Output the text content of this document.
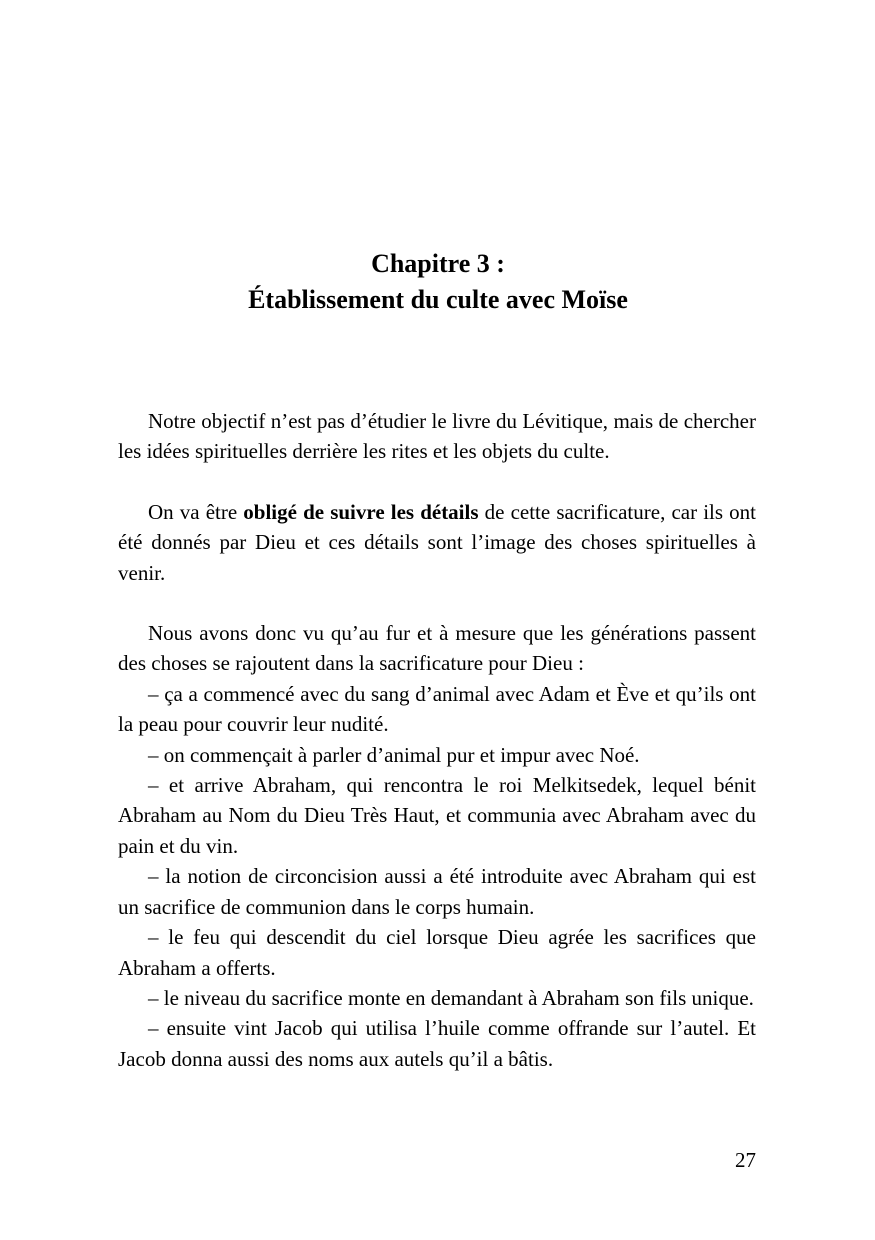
Chapitre 3 :
Établissement du culte avec Moïse

Notre objectif n’est pas d’étudier le livre du Lévitique, mais de chercher les idées spirituelles derrière les rites et les objets du culte.

On va être obligé de suivre les détails de cette sacrificature, car ils ont été donnés par Dieu et ces détails sont l’image des choses spirituelles à venir.

Nous avons donc vu qu’au fur et à mesure que les générations passent des choses se rajoutent dans la sacrificature pour Dieu :

– ça a commencé avec du sang d’animal avec Adam et Ève et qu’ils ont la peau pour couvrir leur nudité.

– on commençait à parler d’animal pur et impur avec Noé.

– et arrive Abraham, qui rencontra le roi Melkitsedek, lequel bénit Abraham au Nom du Dieu Très Haut, et communia avec Abraham avec du pain et du vin.

– la notion de circoncision aussi a été introduite avec Abraham qui est un sacrifice de communion dans le corps humain.

– le feu qui descendit du ciel lorsque Dieu agrée les sacrifices que Abraham a offerts.

– le niveau du sacrifice monte en demandant à Abraham son fils unique.

– ensuite vint Jacob qui utilisa l’huile comme offrande sur l’autel. Et Jacob donna aussi des noms aux autels qu’il a bâtis.

27
